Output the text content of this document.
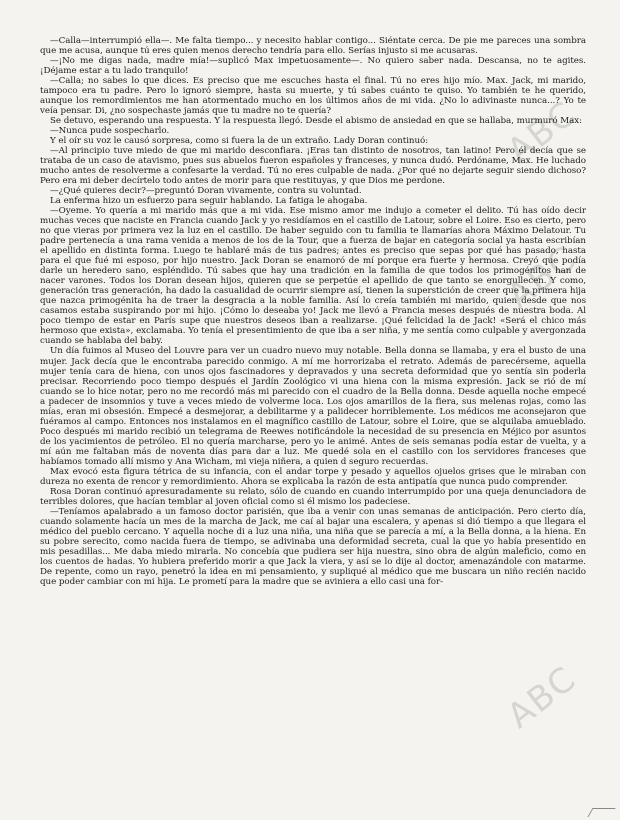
ABC
ABC
ABC

—Calla—interrumpió ella—. Me falta tiempo... y necesito hablar contigo... Siéntate cerca. De pie me pareces una sombra que me acusa, aunque tú eres quien menos derecho tendría para ello. Serías injusto si me acusaras.

—¡No me digas nada, madre mía!—suplicó Max impetuosamente—. No quiero saber nada. Descansa, no te agites. ¡Déjame estar a tu lado tranquilo!

—Calla; no sabes lo que dices. Es preciso que me escuches hasta el final. Tú no eres hijo mío. Max. Jack, mi marido, tampoco era tu padre. Pero lo ignoró siempre, hasta su muerte, y tú sabes cuánto te quiso. Yo también te he querido, aunque los remordimientos me han atormentado mucho en los últimos años de mi vida. ¿No lo adivinaste nunca...? Yo te veía pensar. Di, ¿no sospechaste jamás que tu madre no te quería?

Se detuvo, esperando una respuesta. Y la respuesta llegó. Desde el abismo de ansiedad en que se hallaba, murmuró Max:

—Nunca pude sospecharlo.

Y el oír su voz le causó sorpresa, como si fuera la de un extraño. Lady Doran continuó:

—Al principio tuve miedo de que mi marido desconfiara. ¡Eras tan distinto de nosotros, tan latino! Pero él decía que se trataba de un caso de atavismo, pues sus abuelos fueron españoles y franceses, y nunca dudó. Perdóname, Max. He luchado mucho antes de resolverme a confesarte la verdad. Tú no eres culpable de nada. ¿Por qué no dejarte seguir siendo dichoso? Pero era mi deber decírtelo todo antes de morir para que restituyas, y que Dios me perdone.

—¿Qué quieres decir?—preguntó Doran vivamente, contra su voluntad.

La enferma hizo un esfuerzo para seguir hablando. La fatiga le ahogaba.

—Oyeme. Yo quería a mi marido más que a mi vida. Ese mismo amor me indujo a cometer el delito. Tú has oído decir muchas veces que naciste en Francia cuando Jack y yo residíamos en el castillo de Latour, sobre el Loire. Eso es cierto, pero no que vieras por primera vez la luz en el castillo. De haber seguido con tu familia te llamarías ahora Máximo Delatour. Tu padre pertenecía a una rama venida a menos de los de la Tour, que a fuerza de bajar en categoría social ya hasta escribían el apellido en distinta forma. Luego te hablaré más de tus padres; antes es preciso que sepas por qué has pasado, hasta para el que fué mi esposo, por hijo nuestro. Jack Doran se enamoró de mí porque era fuerte y hermosa. Creyó que podía darle un heredero sano, espléndido. Tú sabes que hay una tradición en la familia de que todos los primogénitos han de nacer varones. Todos los Doran desean hijos, quieren que se perpetúe el apellido de que tanto se enorgullecen. Y como, generación tras generación, ha dado la casualidad de ocurrir siempre así, tienen la superstición de creer que la primera hija que nazca primogénita ha de traer la desgracia a la noble familia. Así lo creía también mi marido, quien desde que nos casamos estaba suspirando por mi hijo. ¡Cómo lo deseaba yo! Jack me llevó a Francia meses después de nuestra boda. Al poco tiempo de estar en París supe que nuestros deseos iban a realizarse. ¡Qué felicidad la de Jack! «Será el chico más hermoso que exista», exclamaba. Yo tenía el presentimiento de que iba a ser niña, y me sentía como culpable y avergonzada cuando se hablaba del baby.

Un día fuimos al Museo del Louvre para ver un cuadro nuevo muy notable. Bella donna se llamaba, y era el busto de una mujer. Jack decía que le encontraba parecido conmigo. A mí me horrorizaba el retrato. Además de parecérseme, aquella mujer tenía cara de hiena, con unos ojos fascinadores y depravados y una secreta deformidad que yo sentía sin poderla precisar. Recorriendo poco tiempo después el Jardín Zoológico vi una hiena con la misma expresión. Jack se rió de mí cuando se lo hice notar, pero no me recordó más mi parecido con el cuadro de la Bella donna. Desde aquella noche empecé a padecer de insomnios y tuve a veces miedo de volverme loca. Los ojos amarillos de la fiera, sus melenas rojas, como las mías, eran mi obsesión. Empecé a desmejorar, a debilitarme y a palidecer horriblemente. Los médicos me aconsejaron que fuéramos al campo. Entonces nos instalamos en el magnífico castillo de Latour, sobre el Loire, que se alquilaba amueblado. Poco después mi marido recibió un telegrama de Reewes notificándole la necesidad de su presencia en Méjico por asuntos de los yacimientos de petróleo. El no quería marcharse, pero yo le animé. Antes de seis semanas podía estar de vuelta, y a mí aún me faltaban más de noventa días para dar a luz. Me quedé sola en el castillo con los servidores franceses que habíamos tomado allí mismo y Ana Wicham, mi vieja niñera, a quien d seguro recuerdas.

Max evocó esta figura tétrica de su infancia, con el andar torpe y pesado y aquellos ojuelos grises que le miraban con dureza no exenta de rencor y remordimiento. Ahora se explicaba la razón de esta antipatía que nunca pudo comprender.

Rosa Doran continuó apresuradamente su relato, sólo de cuando en cuando interrumpido por una queja denunciadora de terribles dolores, que hacían temblar al joven oficial como si él mismo los padeciese.

—Teníamos apalabrado a un famoso doctor parisién, que iba a venir con unas semanas de anticipación. Pero cierto día, cuando solamente hacía un mes de la marcha de Jack, me caí al bajar una escalera, y apenas si dió tiempo a que llegara el médico del pueblo cercano. Y aquella noche di a luz una niña, una niña que se parecía a mí, a la Bella donna, a la hiena. En su pobre serecito, como nacida fuera de tiempo, se adivinaba una deformidad secreta, cual la que yo había presentido en mis pesadillas... Me daba miedo mirarla. No concebía que pudiera ser hija nuestra, sino obra de algún maleficio, como en los cuentos de hadas. Yo hubiera preferido morir a que Jack la viera, y así se lo dije al doctor, amenazándole con matarme. De repente, como un rayo, penetró la idea en mi pensamiento, y supliqué al médico que me buscara un niño recién nacido que poder cambiar con mi hija. Le prometí para la madre que se aviniera a ello casi una for-
